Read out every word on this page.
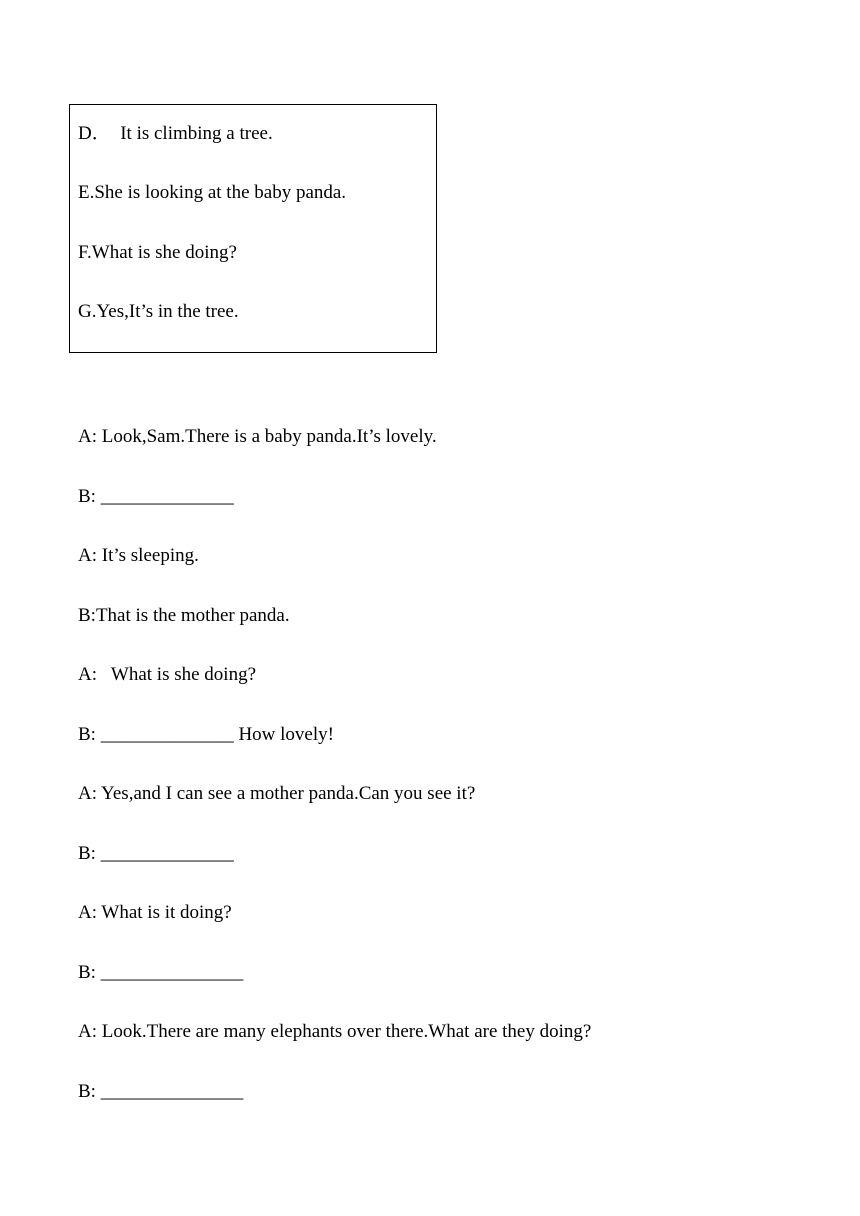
D．  It is climbing a tree.
E.She is looking at the baby panda.
F.What is she doing?
G.Yes,It’s in the tree.
A: Look,Sam.There is a baby panda.It’s lovely.
B: ______________
A: It’s sleeping.
B:That is the mother panda.
A:   What is she doing?
B: ______________ How lovely!
A: Yes,and I can see a mother panda.Can you see it?
B: ______________
A: What is it doing?
B: _______________
A: Look.There are many elephants over there.What are they doing?
B: _______________
